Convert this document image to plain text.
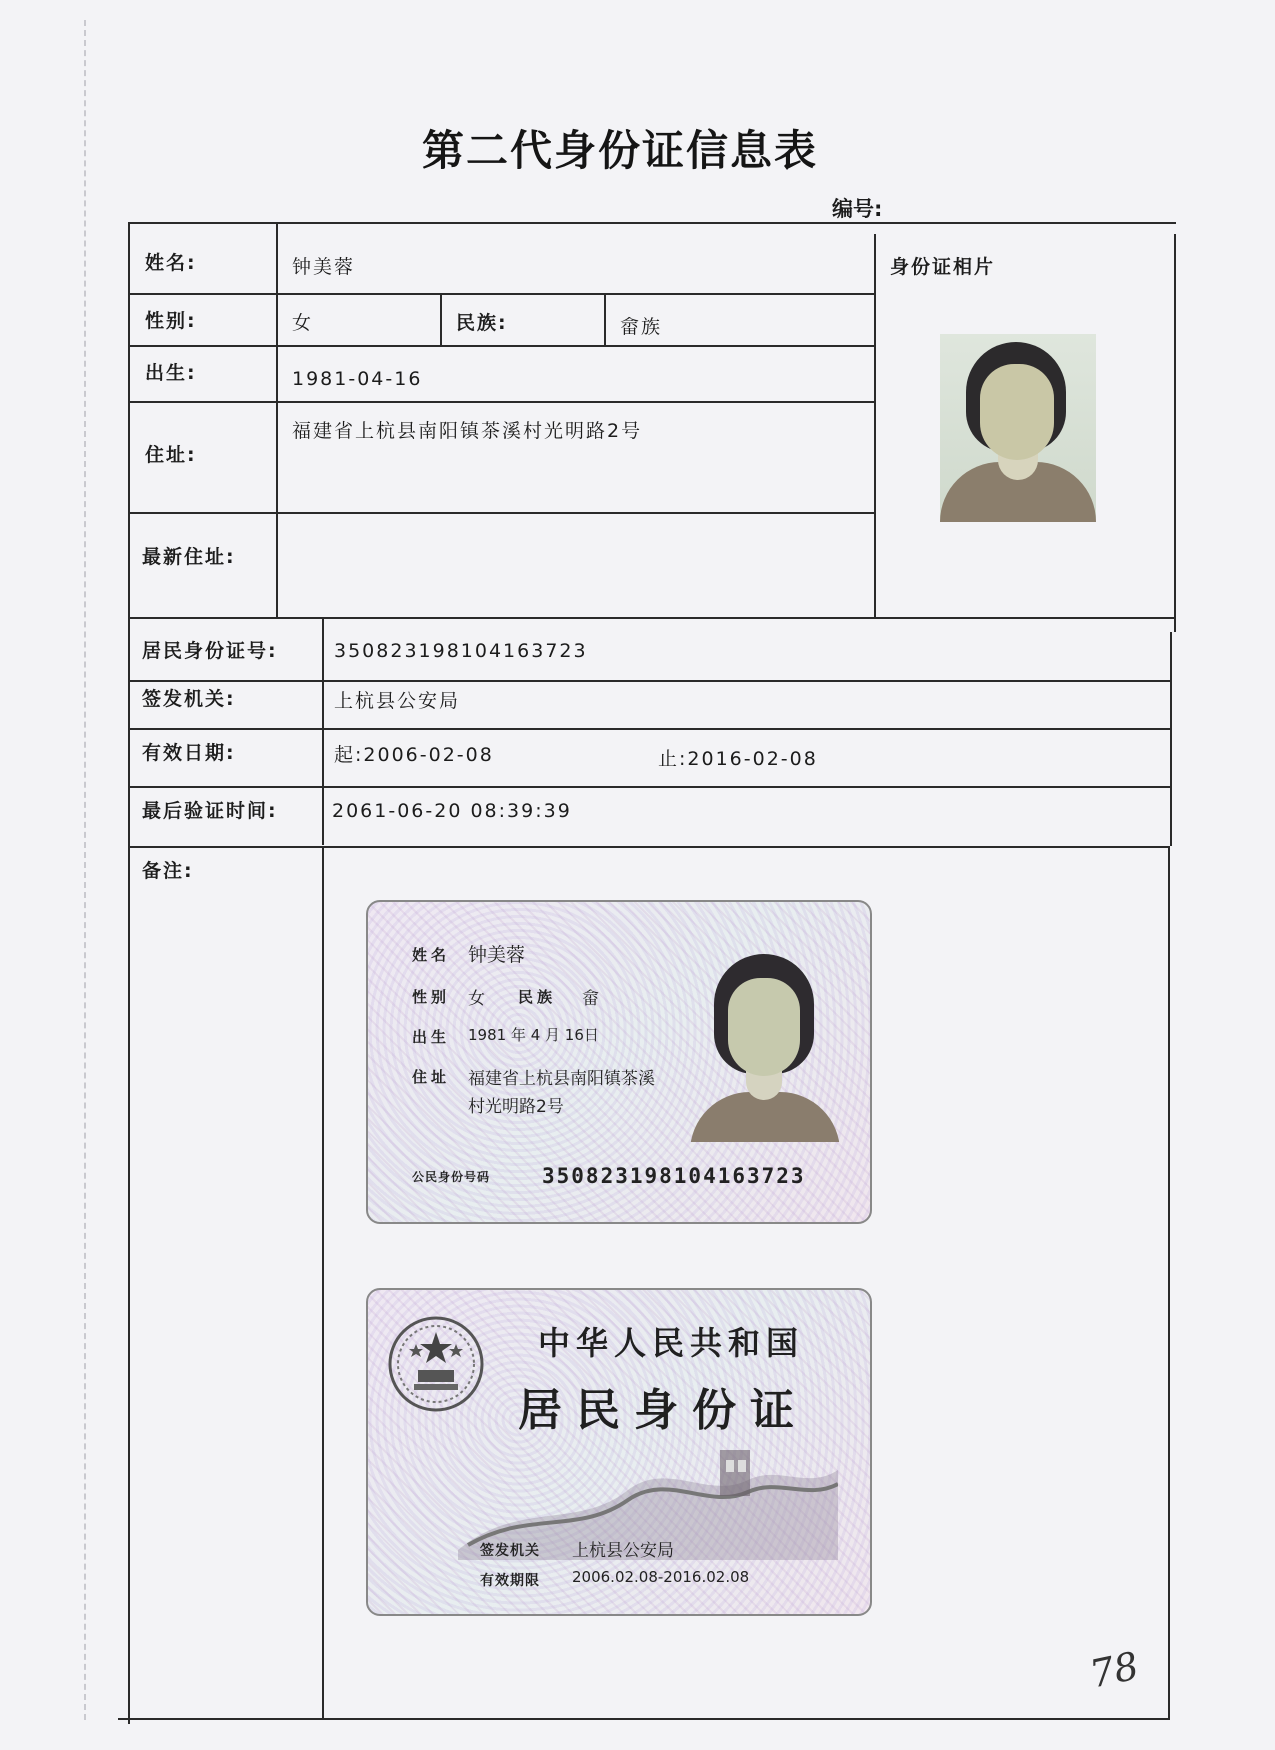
第二代身份证信息表
编号:
姓名:	钟美蓉	身份证相片
性别:	女	民族:	畲族
出生:	1981-04-16
住址:
福建省上杭县南阳镇茶溪村光明路2号
最新住址:
居民身份证号:	350823198104163723
签发机关:	上杭县公安局
有效日期:	起:2006-02-08	止:2016-02-08
最后验证时间:	2061-06-20 08:39:39
备注:
姓名 钟美蓉
性别 女 民族 畲
出生 1981 年 4 月 16日
住址 福建省上杭县南阳镇茶溪
村光明路2号
公民身份号码 350823198104163723
中华人民共和国
居民身份证
签发机关 上杭县公安局
有效期限 2006.02.08-2016.02.08
78
